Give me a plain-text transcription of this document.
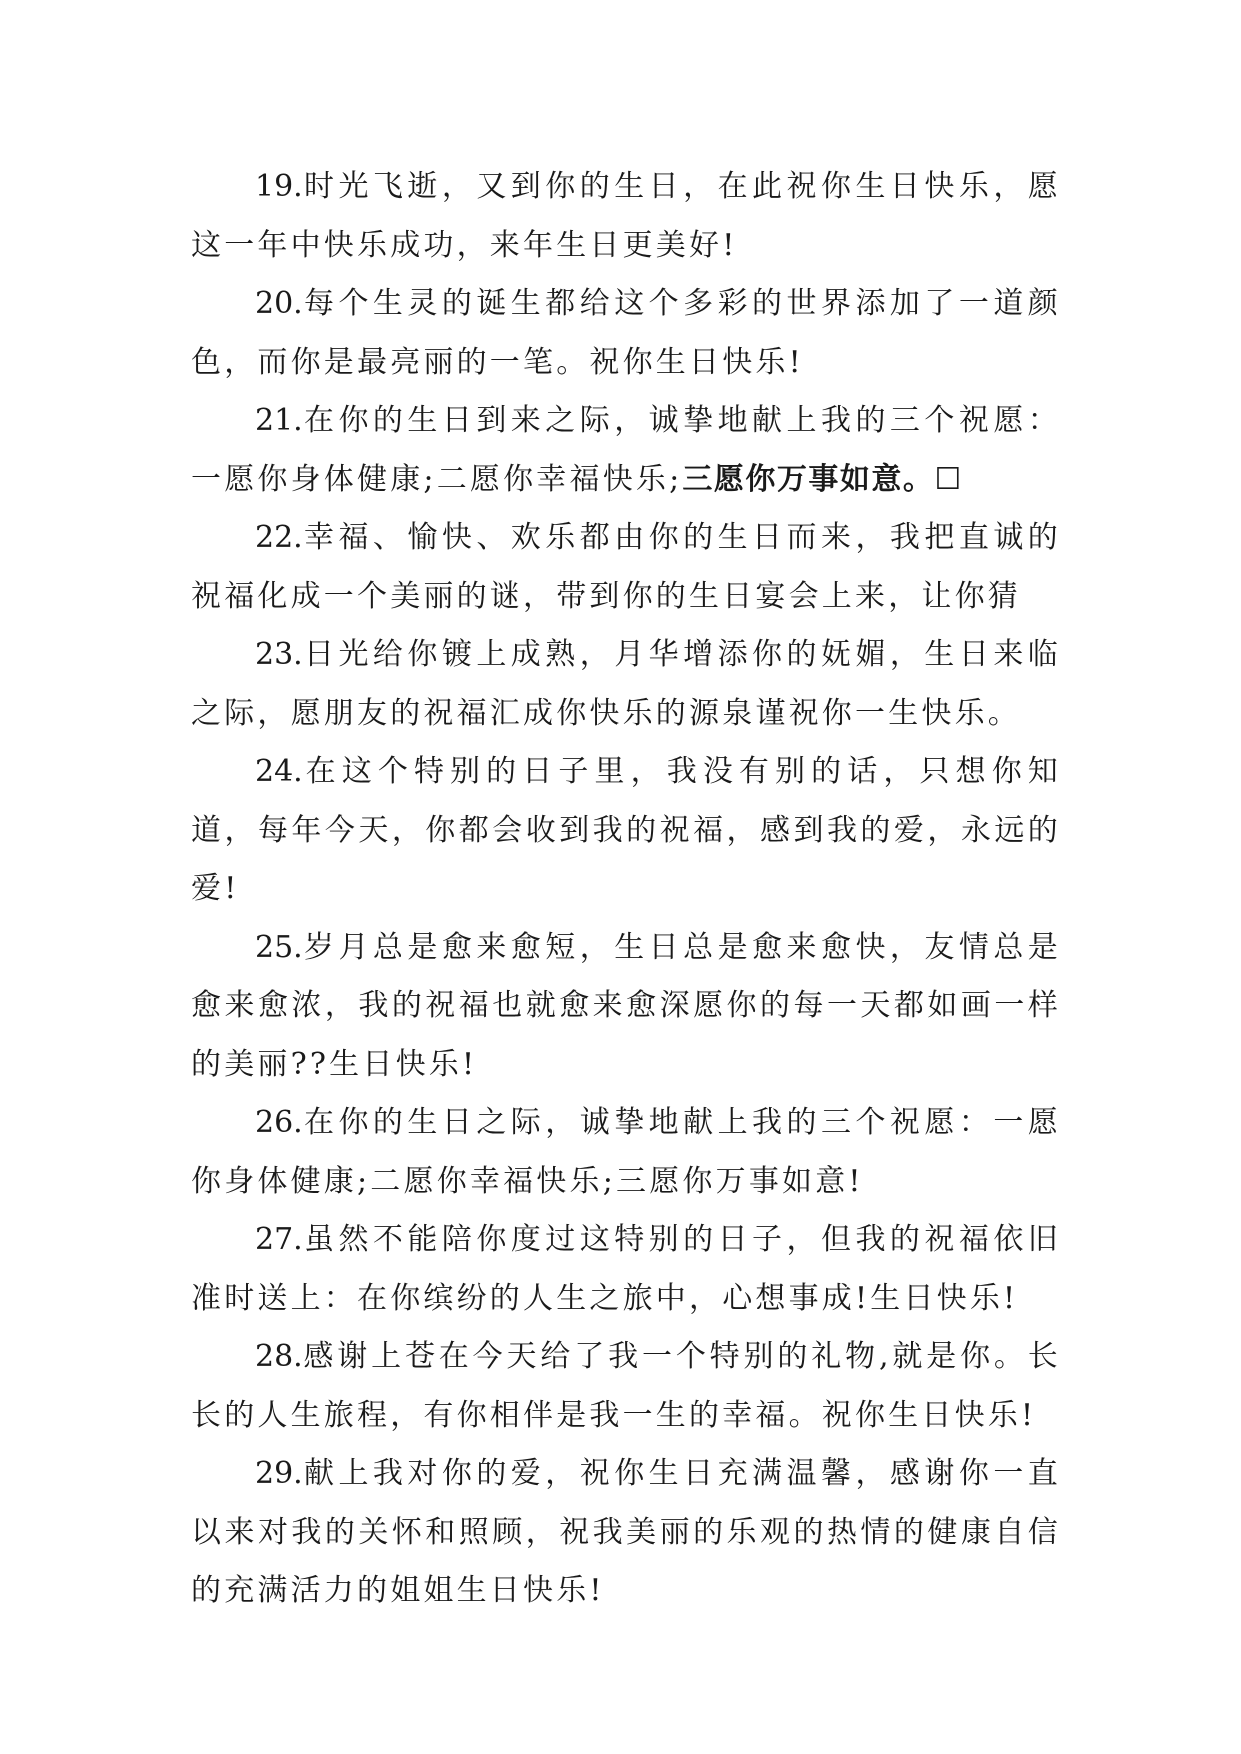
19.时光飞逝，又到你的生日，在此祝你生日快乐，愿这一年中快乐成功，来年生日更美好!

20.每个生灵的诞生都给这个多彩的世界添加了一道颜色，而你是最亮丽的一笔。祝你生日快乐!

21.在你的生日到来之际，诚挚地献上我的三个祝愿：一愿你身体健康;二愿你幸福快乐;三愿你万事如意。☐

22.幸福、愉快、欢乐都由你的生日而来，我把直诚的祝福化成一个美丽的谜，带到你的生日宴会上来，让你猜

23.日光给你镀上成熟，月华增添你的妩媚，生日来临之际，愿朋友的祝福汇成你快乐的源泉谨祝你一生快乐。

24.在这个特别的日子里，我没有别的话，只想你知道，每年今天，你都会收到我的祝福，感到我的爱，永远的爱!

25.岁月总是愈来愈短，生日总是愈来愈快，友情总是愈来愈浓，我的祝福也就愈来愈深愿你的每一天都如画一样的美丽??生日快乐!

26.在你的生日之际，诚挚地献上我的三个祝愿：一愿你身体健康;二愿你幸福快乐;三愿你万事如意!

27.虽然不能陪你度过这特别的日子，但我的祝福依旧准时送上：在你缤纷的人生之旅中，心想事成!生日快乐!

28.感谢上苍在今天给了我一个特别的礼物,就是你。长长的人生旅程，有你相伴是我一生的幸福。祝你生日快乐!

29.献上我对你的爱，祝你生日充满温馨，感谢你一直以来对我的关怀和照顾，祝我美丽的乐观的热情的健康自信的充满活力的姐姐生日快乐!
